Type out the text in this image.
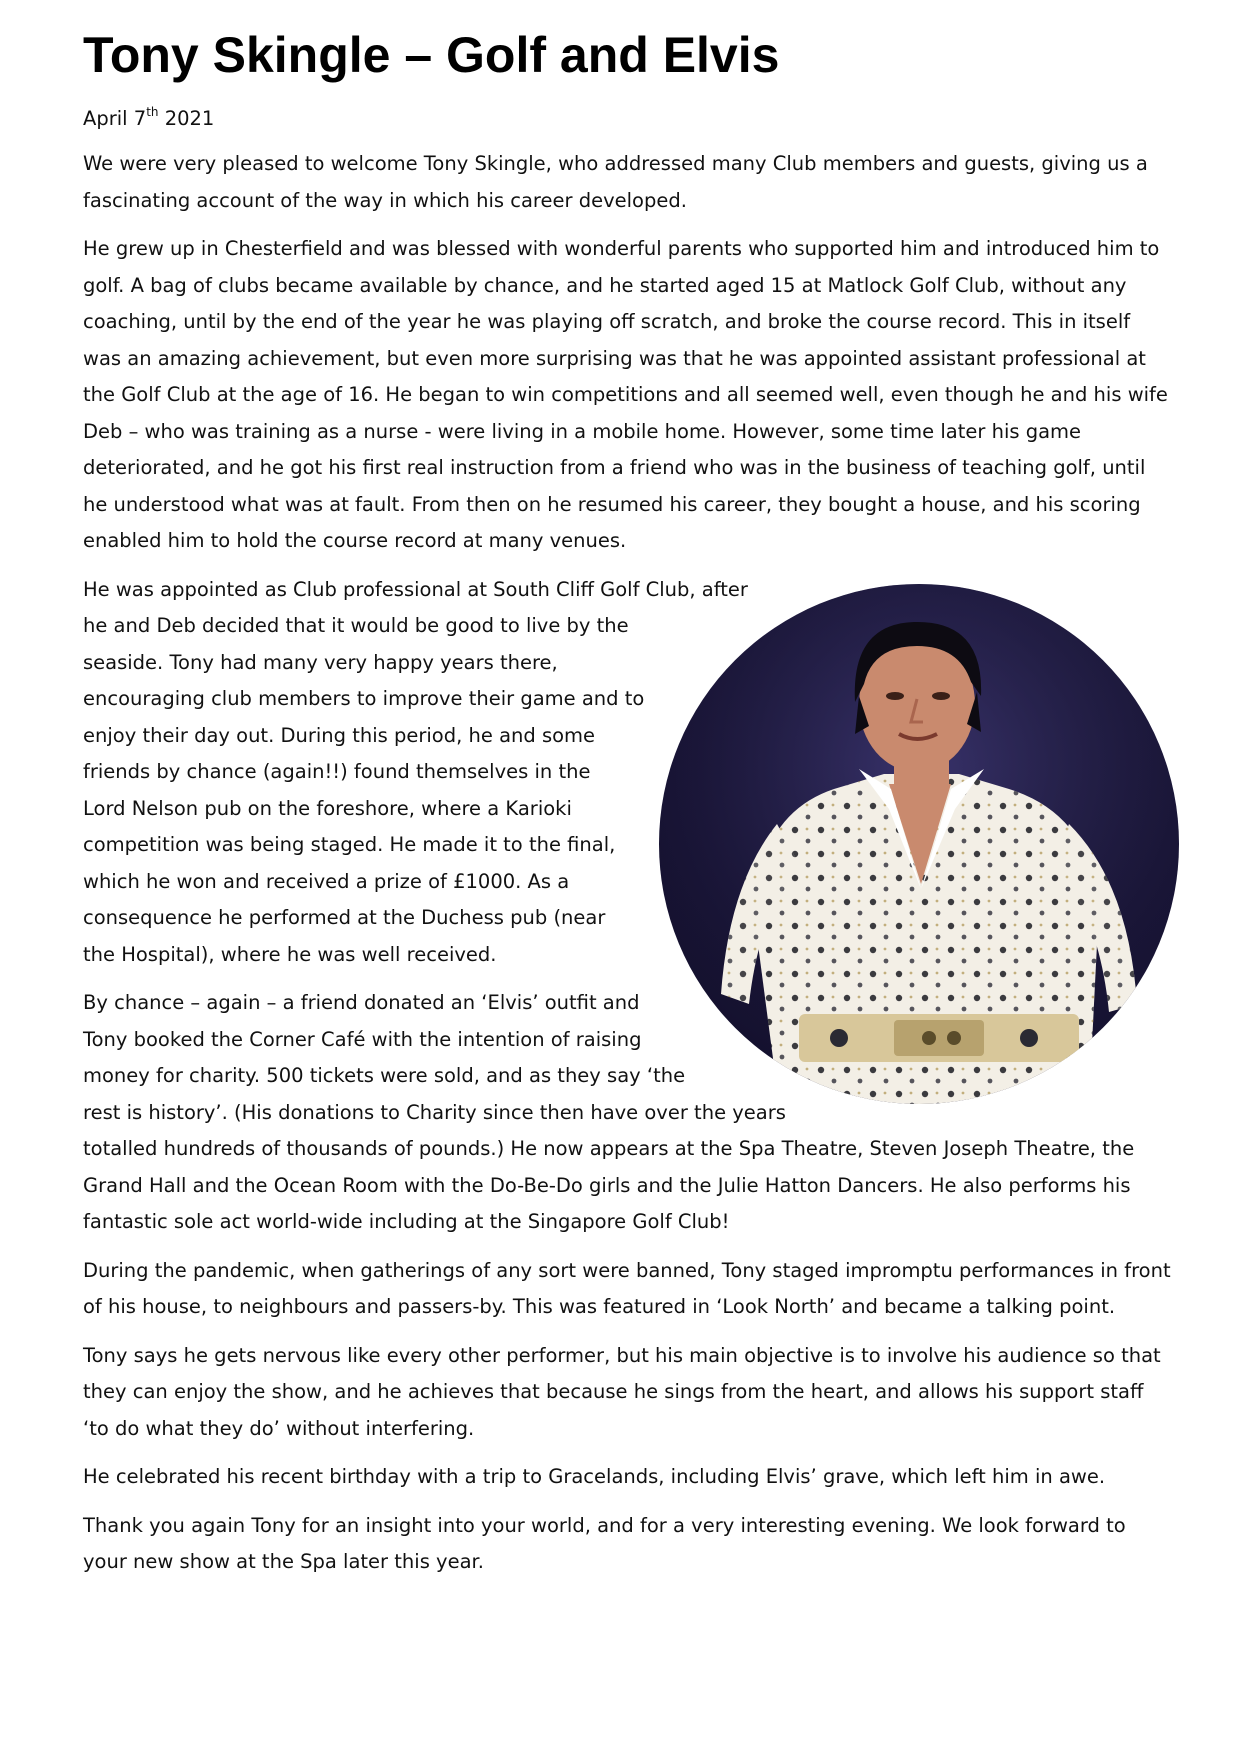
Tony Skingle – Golf and Elvis
April 7th 2021

We were very pleased to welcome Tony Skingle, who addressed many Club members and guests, giving us a fascinating account of the way in which his career developed.

He grew up in Chesterfield and was blessed with wonderful parents who supported him and introduced him to golf. A bag of clubs became available by chance, and he started aged 15 at Matlock Golf Club, without any coaching, until by the end of the year he was playing off scratch, and broke the course record. This in itself was an amazing achievement, but even more surprising was that he was appointed assistant professional at the Golf Club at the age of 16. He began to win competitions and all seemed well, even though he and his wife Deb – who was training as a nurse - were living in a mobile home. However, some time later his game deteriorated, and he got his first real instruction from a friend who was in the business of teaching golf, until he understood what was at fault. From then on he resumed his career, they bought a house, and his scoring enabled him to hold the course record at many venues.

He was appointed as Club professional at South Cliff Golf Club, after he and Deb decided that it would be good to live by the seaside. Tony had many very happy years there, encouraging club members to improve their game and to enjoy their day out. During this period, he and some friends by chance (again!!) found themselves in the Lord Nelson pub on the foreshore, where a Karioki competition was being staged. He made it to the final, which he won and received a prize of £1000. As a consequence he performed at the Duchess pub (near the Hospital), where he was well received.

By chance – again – a friend donated an ‘Elvis’ outfit and Tony booked the Corner Café with the intention of raising money for charity. 500 tickets were sold, and as they say ‘the rest is history’. (His donations to Charity since then have over the years totalled hundreds of thousands of pounds.) He now appears at the Spa Theatre, Steven Joseph Theatre, the Grand Hall and the Ocean Room with the Do-Be-Do girls and the Julie Hatton Dancers. He also performs his fantastic sole act world-wide including at the Singapore Golf Club!

During the pandemic, when gatherings of any sort were banned, Tony staged impromptu performances in front of his house, to neighbours and passers-by. This was featured in ‘Look North’ and became a talking point.

Tony says he gets nervous like every other performer, but his main objective is to involve his audience so that they can enjoy the show, and he achieves that because he sings from the heart, and allows his support staff ‘to do what they do’ without interfering.

He celebrated his recent birthday with a trip to Gracelands, including Elvis’ grave, which left him in awe.

Thank you again Tony for an insight into your world, and for a very interesting evening. We look forward to your new show at the Spa later this year.
